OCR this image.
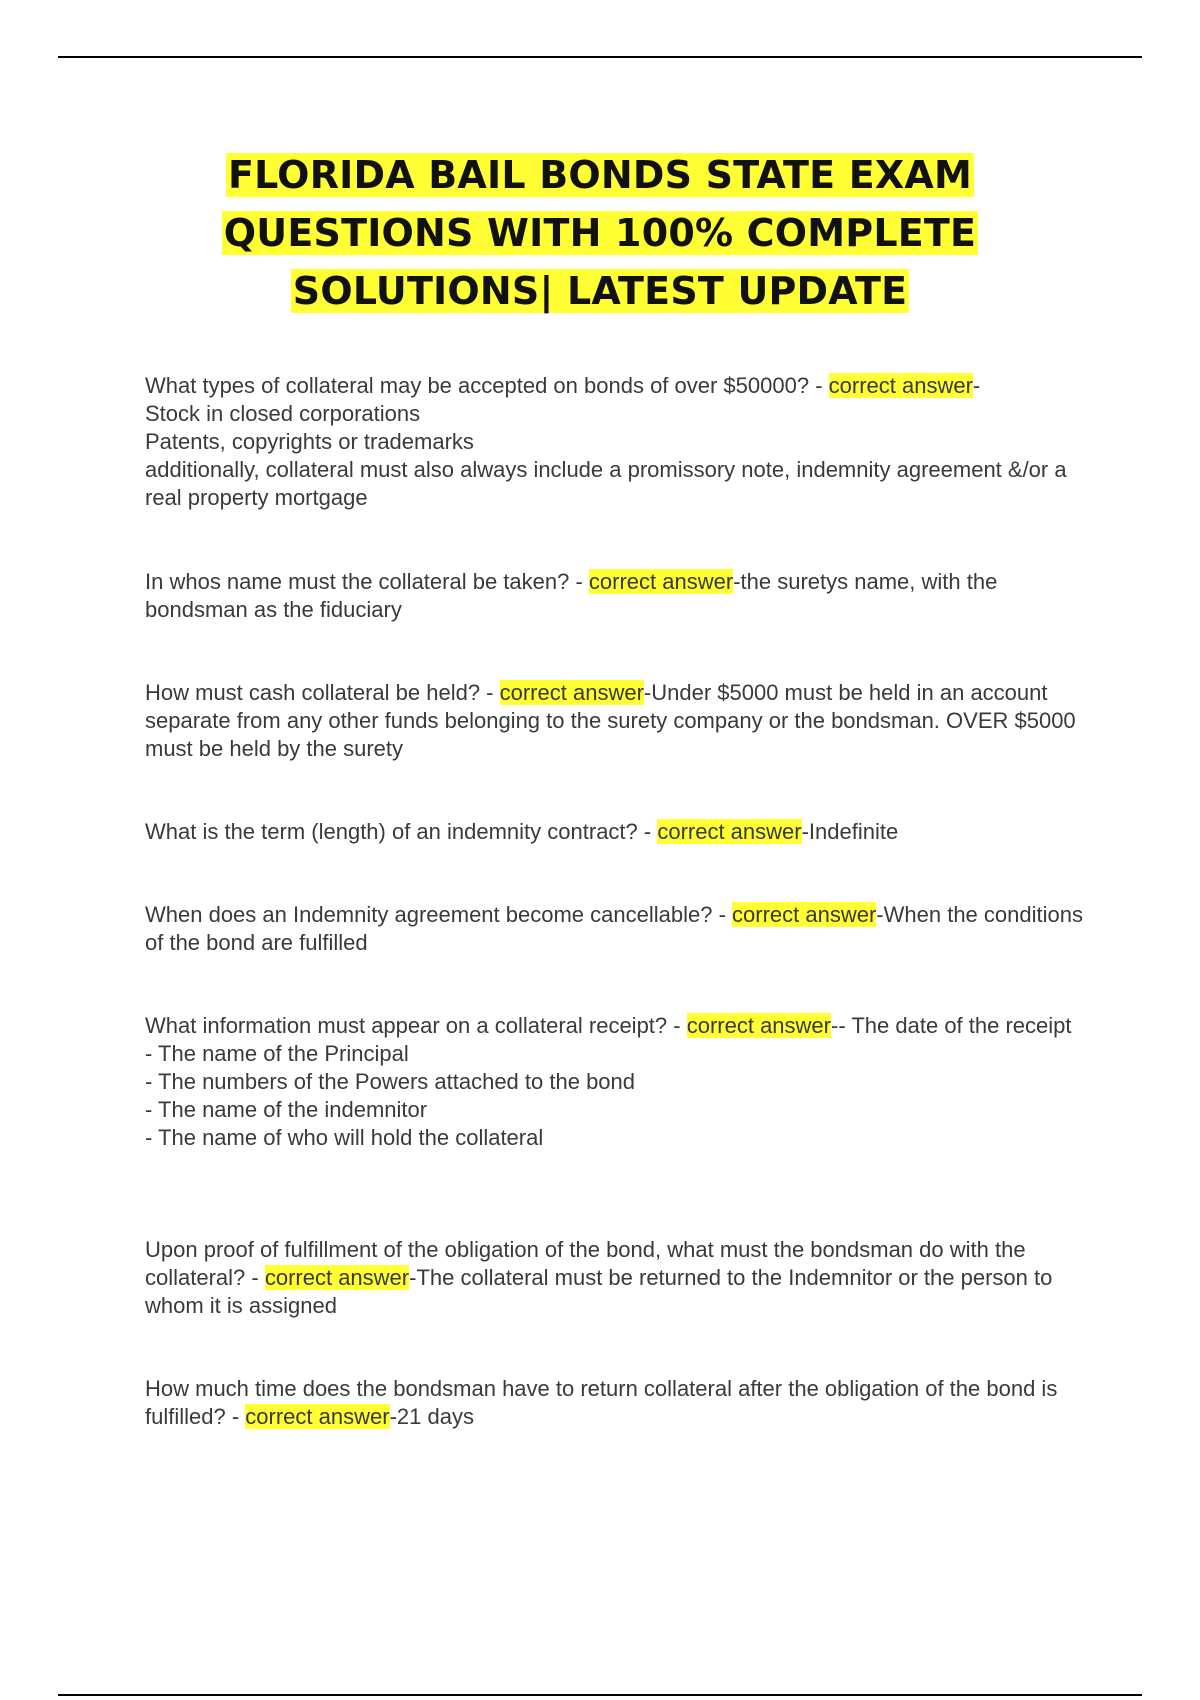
FLORIDA BAIL BONDS STATE EXAM
QUESTIONS WITH 100% COMPLETE
SOLUTIONS| LATEST UPDATE
What types of collateral may be accepted on bonds of over $50000? - correct answer-
Stock in closed corporations
Patents, copyrights or trademarks
additionally, collateral must also always include a promissory note, indemnity agreement &/or a real property mortgage
In whos name must the collateral be taken? - correct answer-the suretys name, with the bondsman as the fiduciary
How must cash collateral be held? - correct answer-Under $5000 must be held in an account separate from any other funds belonging to the surety company or the bondsman. OVER $5000 must be held by the surety
What is the term (length) of an indemnity contract? - correct answer-Indefinite
When does an Indemnity agreement become cancellable? - correct answer-When the conditions of the bond are fulfilled
What information must appear on a collateral receipt? - correct answer-- The date of the receipt
- The name of the Principal
- The numbers of the Powers attached to the bond
- The name of the indemnitor
- The name of who will hold the collateral
Upon proof of fulfillment of the obligation of the bond, what must the bondsman do with the collateral? - correct answer-The collateral must be returned to the Indemnitor or the person to whom it is assigned
How much time does the bondsman have to return collateral after the obligation of the bond is fulfilled? - correct answer-21 days
